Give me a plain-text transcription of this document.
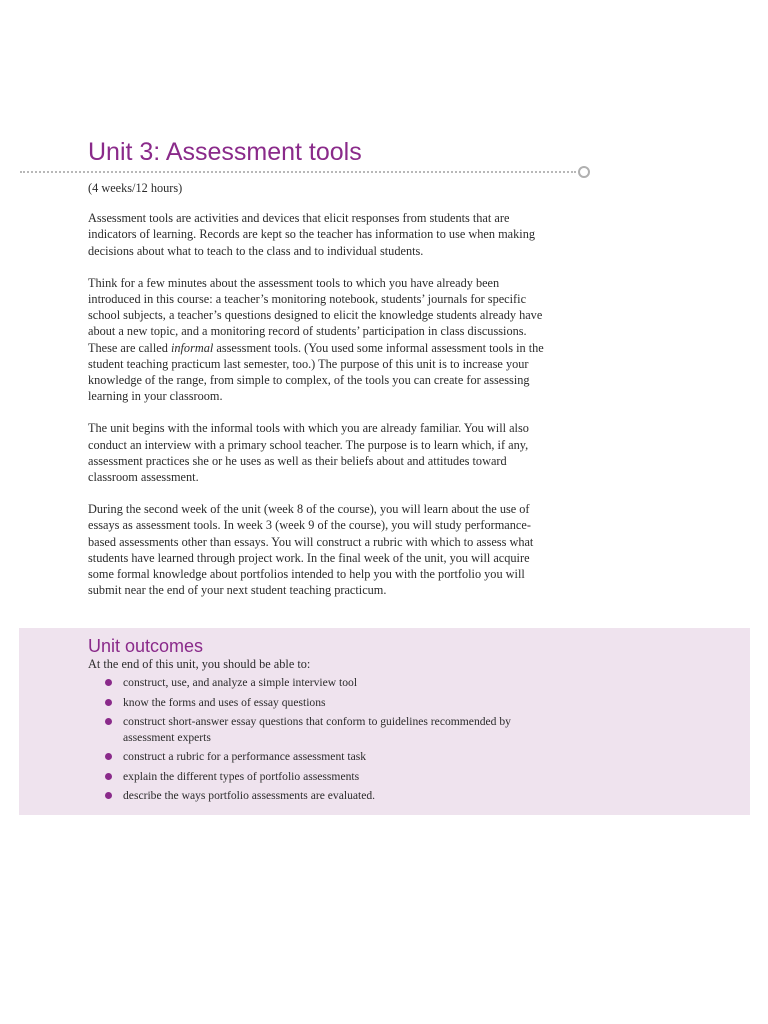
Unit 3: Assessment tools

(4 weeks/12 hours)

Assessment tools are activities and devices that elicit responses from students that are indicators of learning. Records are kept so the teacher has information to use when making decisions about what to teach to the class and to individual students.

Think for a few minutes about the assessment tools to which you have already been introduced in this course: a teacher’s monitoring notebook, students’ journals for specific school subjects, a teacher’s questions designed to elicit the knowledge students already have about a new topic, and a monitoring record of students’ participation in class discussions. These are called informal assessment tools. (You used some informal assessment tools in the student teaching practicum last semester, too.) The purpose of this unit is to increase your knowledge of the range, from simple to complex, of the tools you can create for assessing learning in your classroom.

The unit begins with the informal tools with which you are already familiar. You will also conduct an interview with a primary school teacher. The purpose is to learn which, if any, assessment practices she or he uses as well as their beliefs about and attitudes toward classroom assessment.

During the second week of the unit (week 8 of the course), you will learn about the use of essays as assessment tools. In week 3 (week 9 of the course), you will study performance-based assessments other than essays. You will construct a rubric with which to assess what students have learned through project work. In the final week of the unit, you will acquire some formal knowledge about portfolios intended to help you with the portfolio you will submit near the end of your next student teaching practicum.

Unit outcomes

At the end of this unit, you should be able to:

construct, use, and analyze a simple interview tool
know the forms and uses of essay questions
construct short-answer essay questions that conform to guidelines recommended by assessment experts
construct a rubric for a performance assessment task
explain the different types of portfolio assessments
describe the ways portfolio assessments are evaluated.
